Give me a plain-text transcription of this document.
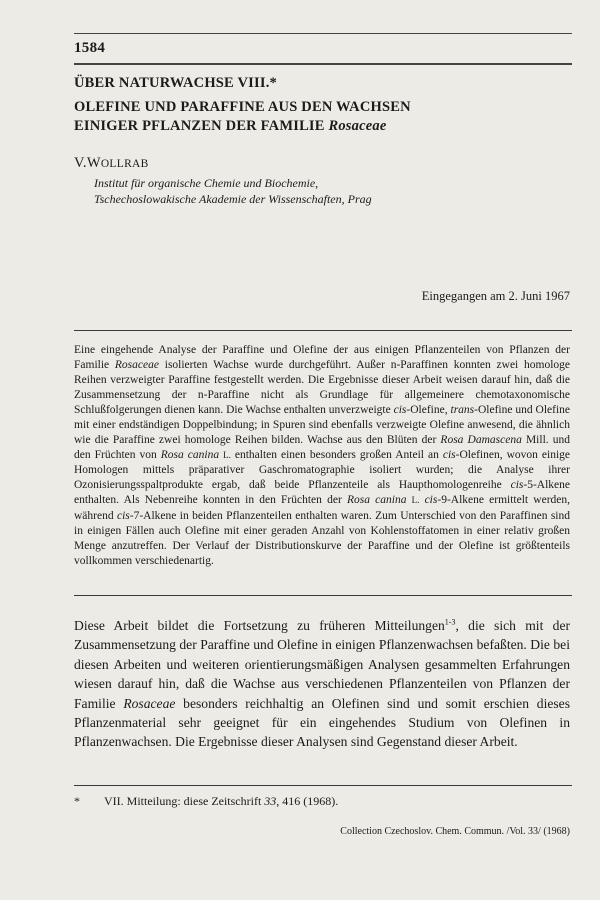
1584
ÜBER NATURWACHSE VIII.*
OLEFINE UND PARAFFINE AUS DEN WACHSEN
EINIGER PFLANZEN DER FAMILIE Rosaceae
V.WOLLRAB
Institut für organische Chemie und Biochemie,
Tschechoslowakische Akademie der Wissenschaften, Prag
Eingegangen am 2. Juni 1967

Eine eingehende Analyse der Paraffine und Olefine der aus einigen Pflanzenteilen von Pflanzen der Familie Rosaceae isolierten Wachse wurde durchgeführt. Außer n-Paraffinen konnten zwei homologe Reihen verzweigter Paraffine festgestellt werden. Die Ergebnisse dieser Arbeit weisen darauf hin, daß die Zusammensetzung der n-Paraffine nicht als Grundlage für allgemeinere chemotaxonomische Schlußfolgerungen dienen kann. Die Wachse enthalten unverzweigte cis-Olefine, trans-Olefine und Olefine mit einer endständigen Doppelbindung; in Spuren sind ebenfalls verzweigte Olefine anwesend, die ähnlich wie die Paraffine zwei homologe Reihen bilden. Wachse aus den Blüten der Rosa Damascena Mill. und den Früchten von Rosa canina L. enthalten einen besonders großen Anteil an cis-Olefinen, wovon einige Homologen mittels präparativer Gaschromatographie isoliert wurden; die Analyse ihrer Ozonisierungsspaltprodukte ergab, daß beide Pflanzenteile als Haupthomologenreihe cis-5-Alkene enthalten. Als Nebenreihe konnten in den Früchten der Rosa canina L. cis-9-Alkene ermittelt werden, während cis-7-Alkene in beiden Pflanzenteilen enthalten waren. Zum Unterschied von den Paraffinen sind in einigen Fällen auch Olefine mit einer geraden Anzahl von Kohlenstoffatomen in einer relativ großen Menge anzutreffen. Der Verlauf der Distributionskurve der Paraffine und der Olefine ist größtenteils vollkommen verschiedenartig.

Diese Arbeit bildet die Fortsetzung zu früheren Mitteilungen$^{1-3}$, die sich mit der Zusammensetzung der Paraffine und Olefine in einigen Pflanzenwachsen befaßten. Die bei diesen Arbeiten und weiteren orientierungsmäßigen Analysen gesammelten Erfahrungen wiesen darauf hin, daß die Wachse aus verschiedenen Pflanzenteilen von Pflanzen der Familie Rosaceae besonders reichhaltig an Olefinen sind und somit erschien dieses Pflanzenmaterial sehr geeignet für ein eingehendes Studium von Olefinen in Pflanzenwachsen. Die Ergebnisse dieser Analysen sind Gegenstand dieser Arbeit.

* VII. Mitteilung: diese Zeitschrift 33, 416 (1968).
Collection Czechoslov. Chem. Commun. /Vol. 33/ (1968)
